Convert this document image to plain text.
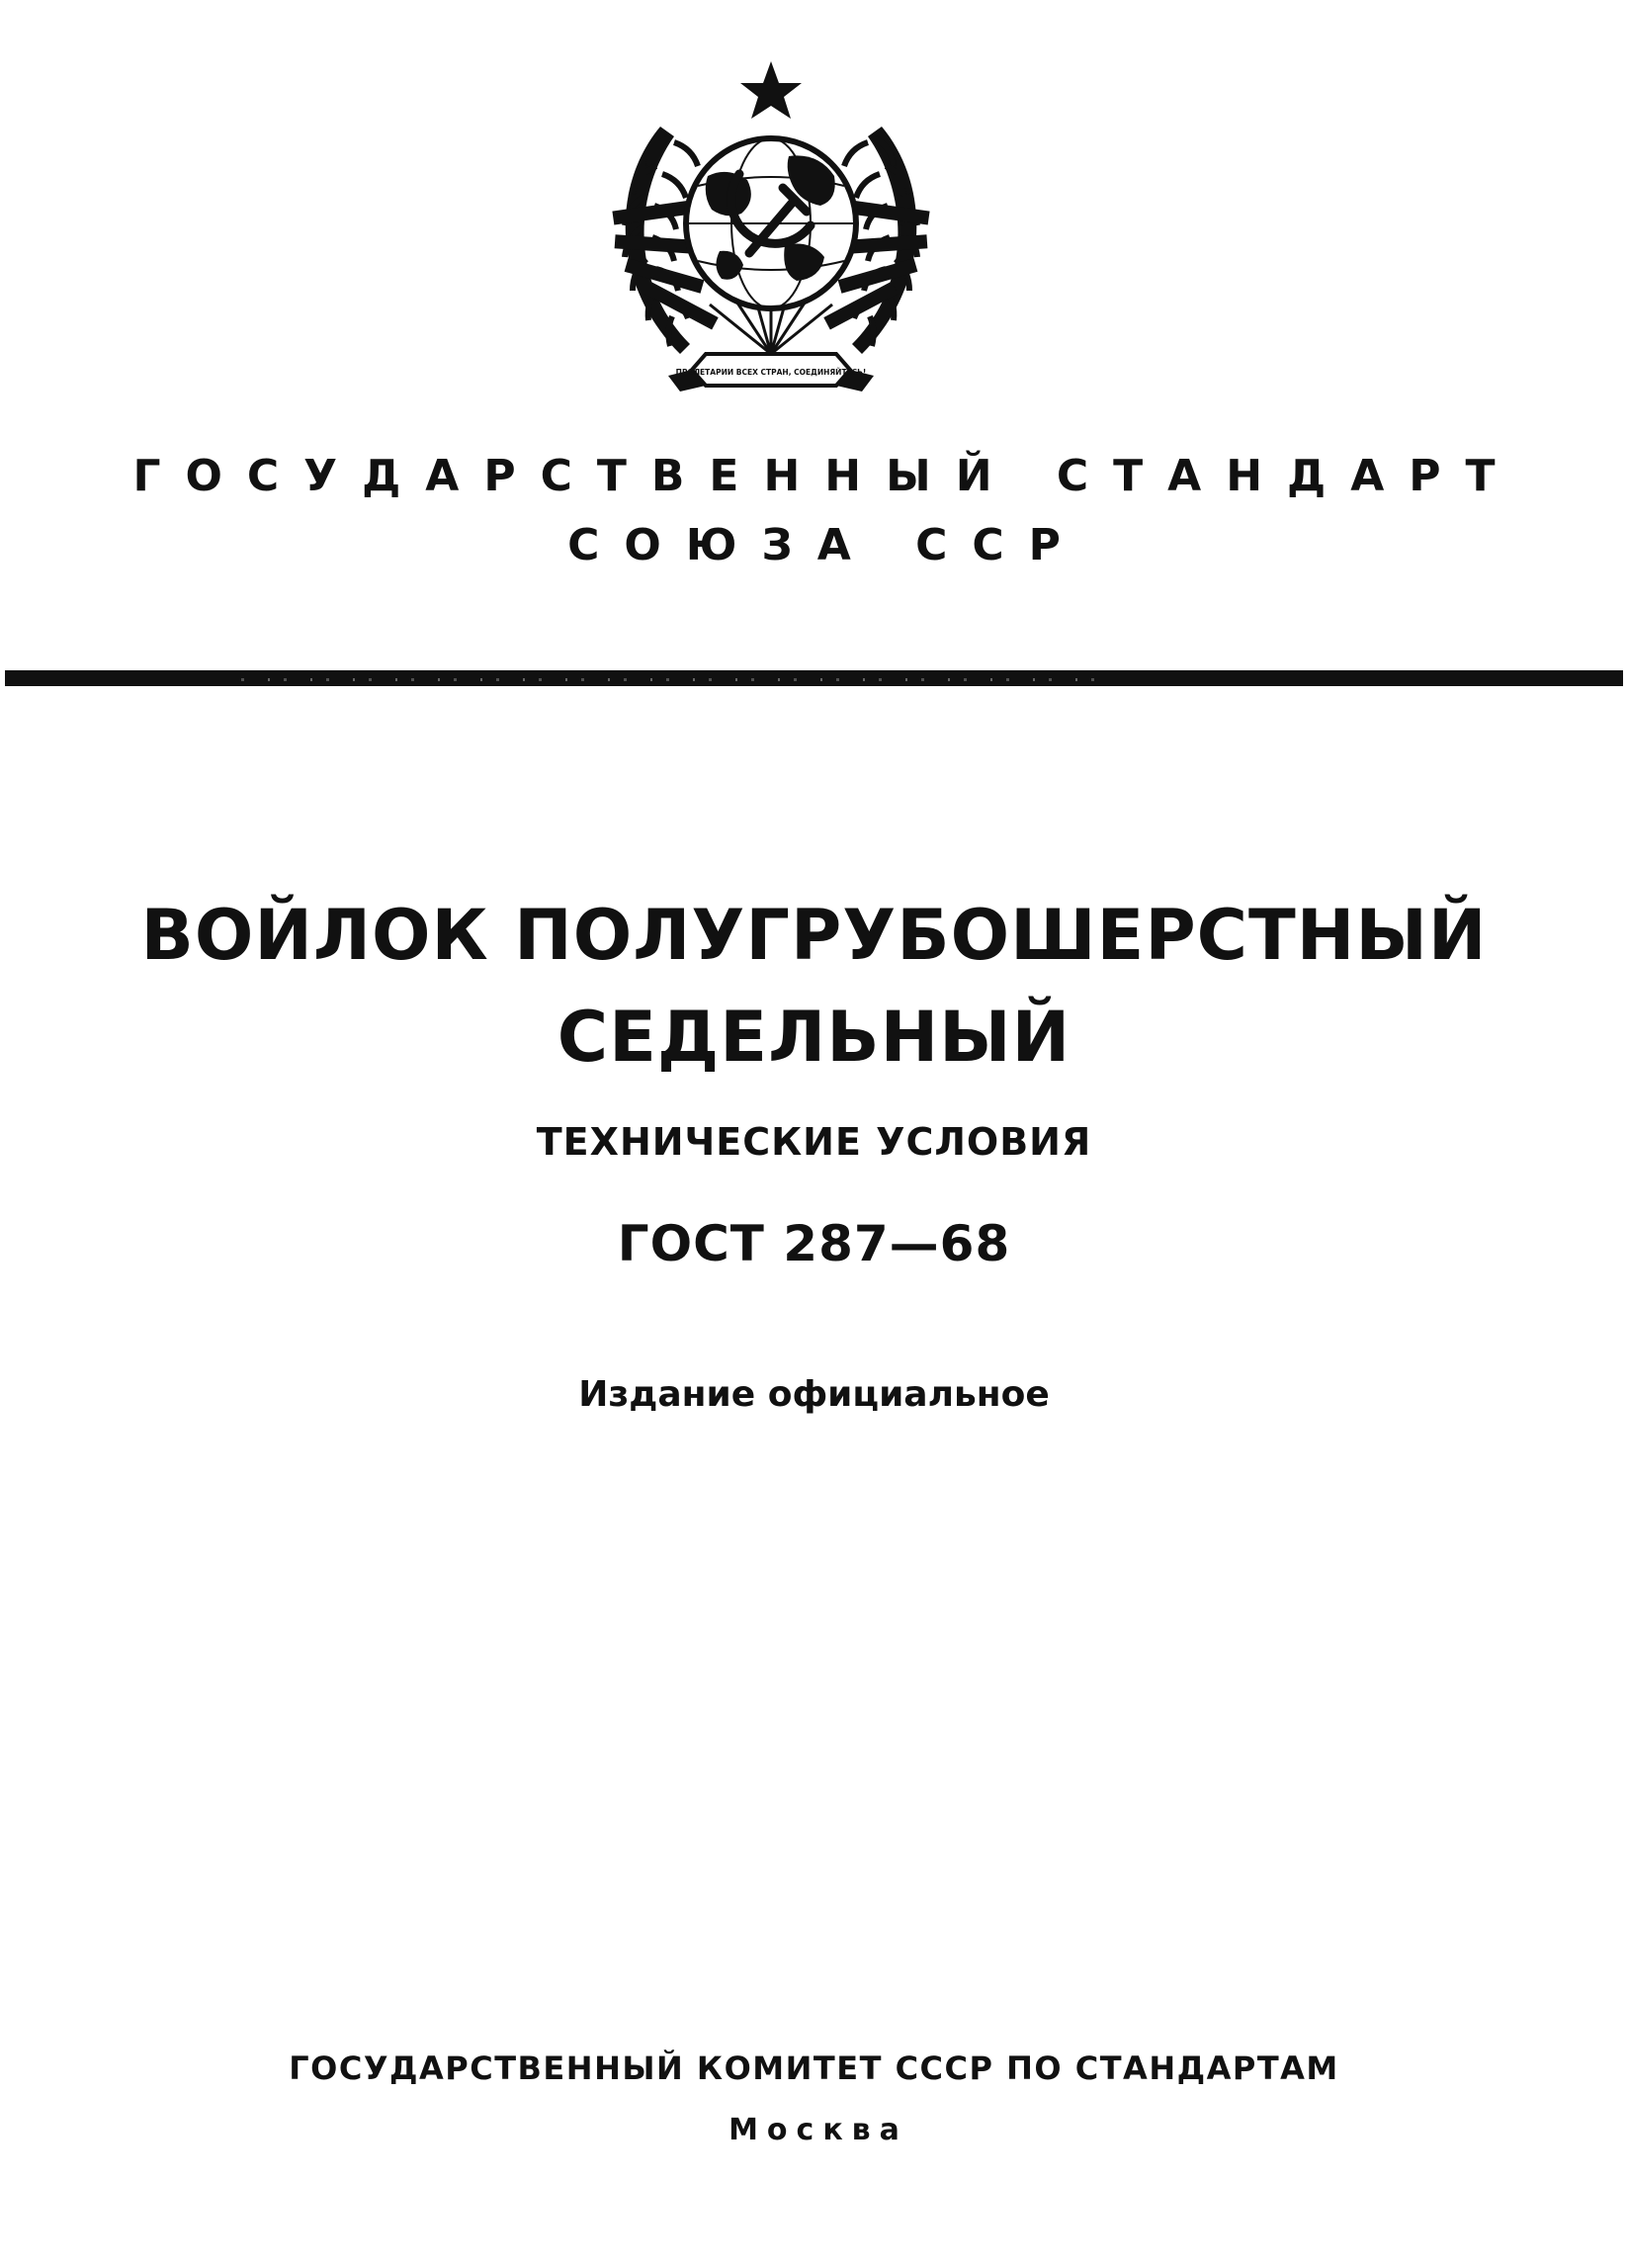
ПРОЛЕТАРИИ ВСЕХ СТРАН, СОЕДИНЯЙТЕСЬ!
ГОСУДАРСТВЕННЫЙ СТАНДАРТ
СОЮЗА ССР
ВОЙЛОК ПОЛУГРУБОШЕРСТНЫЙ
СЕДЕЛЬНЫЙ
ТЕХНИЧЕСКИЕ УСЛОВИЯ
ГОСТ 287—68
Издание официальное
ГОСУДАРСТВЕННЫЙ КОМИТЕТ СССР ПО СТАНДАРТАМ
Москва
